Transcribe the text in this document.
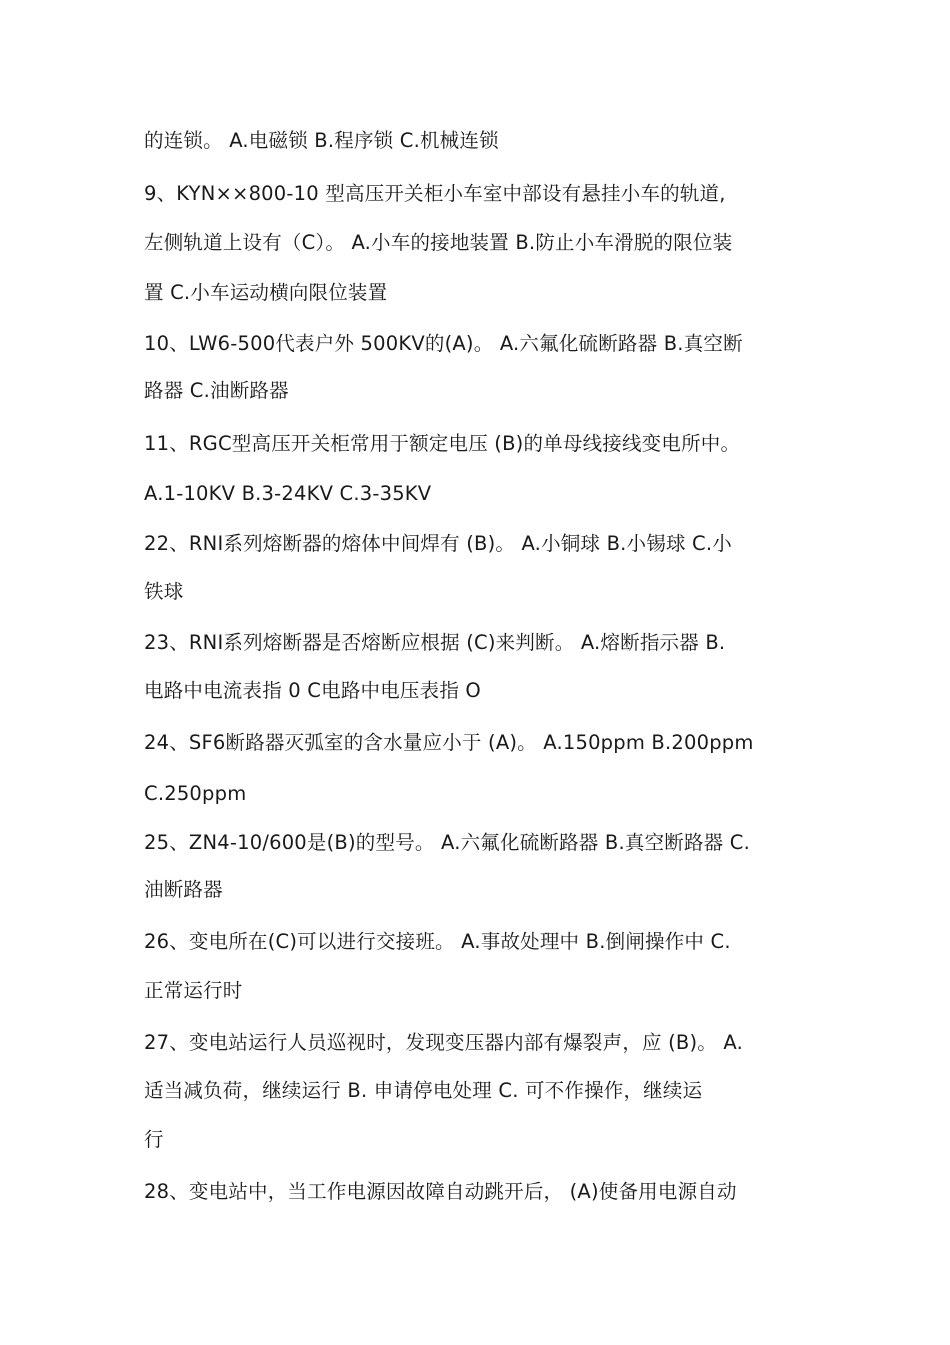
的连锁。 A.电磁锁 B.程序锁 C.机械连锁
9、KYN××800-10 型高压开关柜小车室中部设有悬挂小车的轨道,
左侧轨道上设有（C）。 A.小车的接地装置 B.防止小车滑脱的限位装
置 C.小车运动横向限位装置
10、LW6-500代表户外 500KV的(A)。 A.六氟化硫断路器 B.真空断
路器 C.油断路器
11、RGC型高压开关柜常用于额定电压 (B)的单母线接线变电所中。
A.1-10KV B.3-24KV C.3-35KV
22、RNI系列熔断器的熔体中间焊有 (B)。 A.小铜球 B.小锡球 C.小
铁球
23、RNI系列熔断器是否熔断应根据 (C)来判断。 A.熔断指示器 B.
电路中电流表指 0 C电路中电压表指 O
24、SF6断路器灭弧室的含水量应小于 (A)。 A.150ppm B.200ppm
C.250ppm
25、ZN4-10/600是(B)的型号。 A.六氟化硫断路器 B.真空断路器 C.
油断路器
26、变电所在(C)可以进行交接班。 A.事故处理中 B.倒闸操作中 C.
正常运行时
27、变电站运行人员巡视时，发现变压器内部有爆裂声，应 (B)。 A.
适当减负荷，继续运行 B. 申请停电处理 C. 可不作操作，继续运
行
28、变电站中，当工作电源因故障自动跳开后， (A)使备用电源自动
